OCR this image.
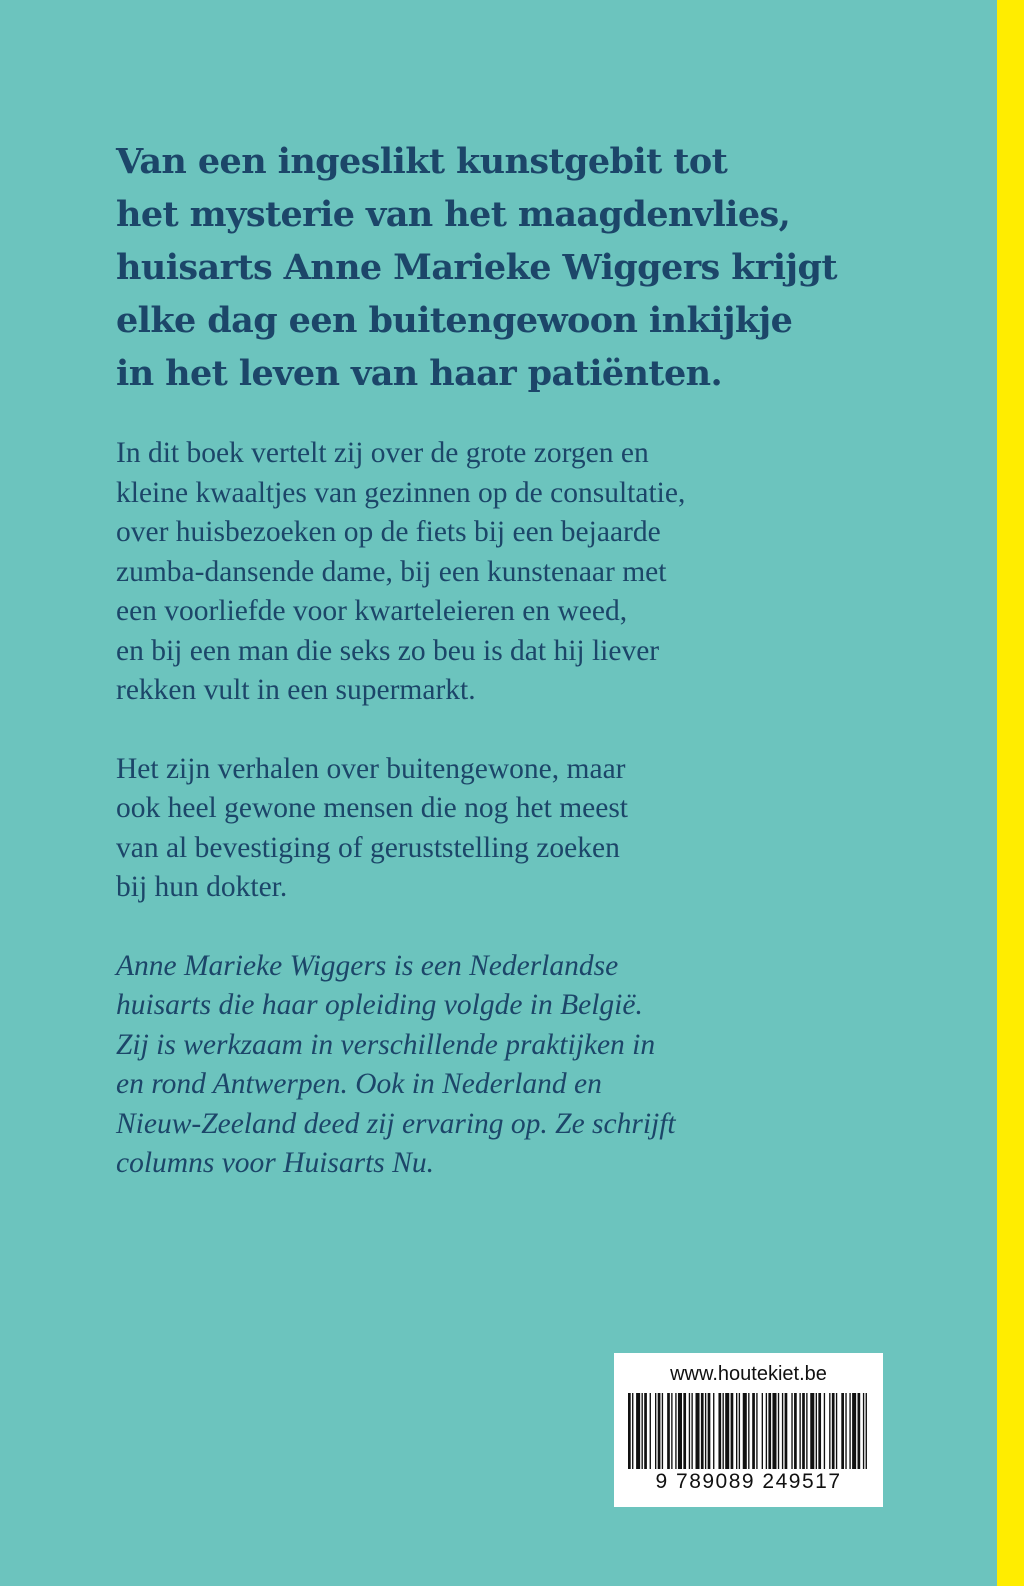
Van een ingeslikt kunstgebit tot
het mysterie van het maagdenvlies,
huisarts Anne Marieke Wiggers krijgt
elke dag een buitengewoon inkijkje
in het leven van haar patiënten.
In dit boek vertelt zij over de grote zorgen en
kleine kwaaltjes van gezinnen op de consultatie,
over huisbezoeken op de fiets bij een bejaarde
zumba-dansende dame, bij een kunstenaar met
een voorliefde voor kwarteleieren en weed,
en bij een man die seks zo beu is dat hij liever
rekken vult in een supermarkt.
Het zijn verhalen over buitengewone, maar
ook heel gewone mensen die nog het meest
van al bevestiging of geruststelling zoeken
bij hun dokter.
Anne Marieke Wiggers is een Nederlandse
huisarts die haar opleiding volgde in België.
Zij is werkzaam in verschillende praktijken in
en rond Antwerpen. Ook in Nederland en
Nieuw-Zeeland deed zij ervaring op. Ze schrijft
columns voor Huisarts Nu.
www.houtekiet.be
9 789089 249517
